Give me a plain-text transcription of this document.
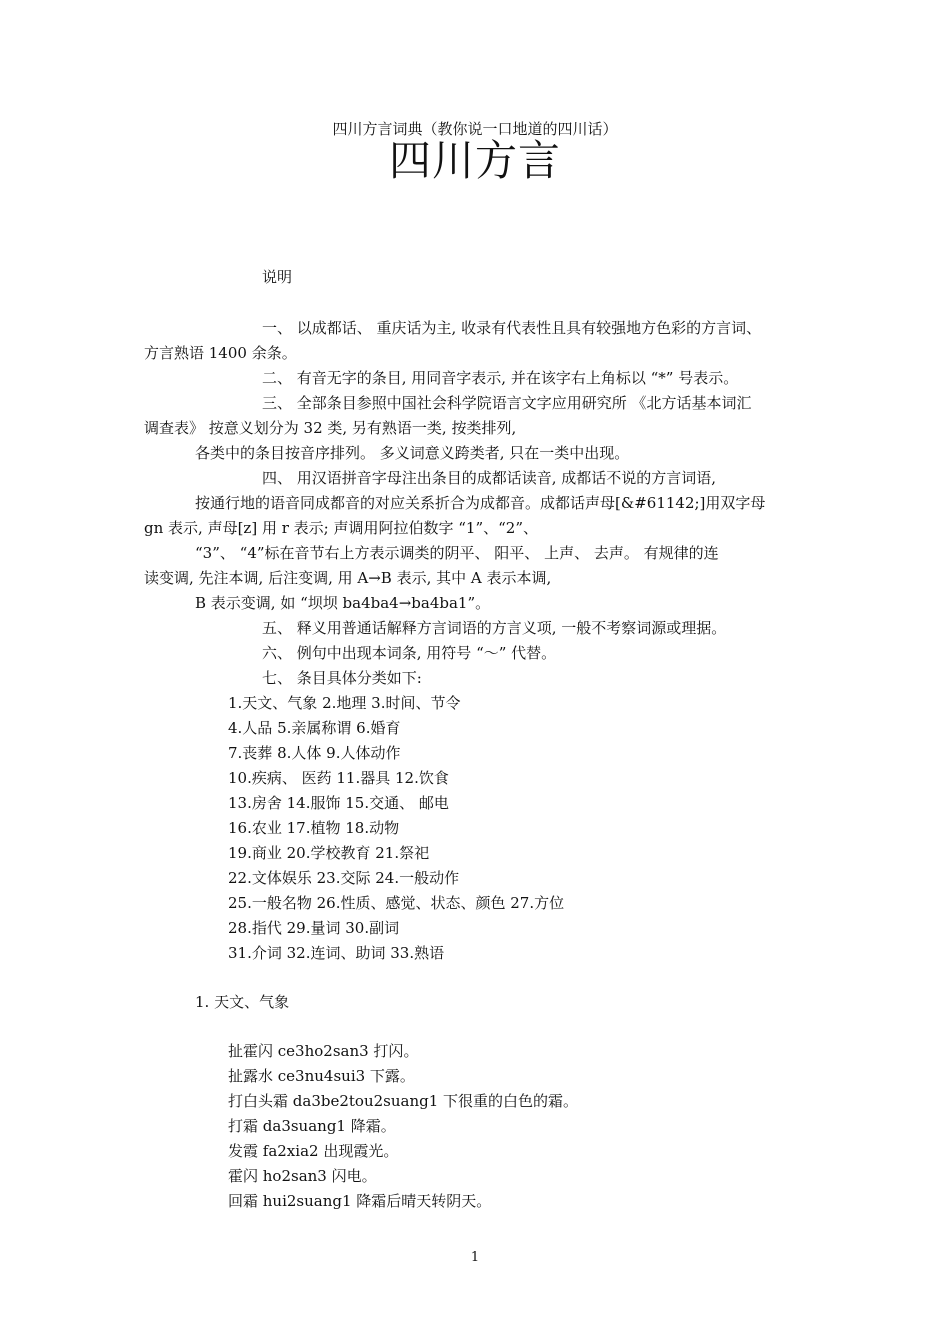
四川方言词典（教你说一口地道的四川话）
四川方言
说明
一、 以成都话、 重庆话为主, 收录有代表性且具有较强地方色彩的方言词、
方言熟语 1400 余条。
二、 有音无字的条目, 用同音字表示, 并在该字右上角标以 “*” 号表示。
三、 全部条目参照中国社会科学院语言文字应用研究所 《北方话基本词汇
调查表》 按意义划分为 32 类, 另有熟语一类, 按类排列,
各类中的条目按音序排列。 多义词意义跨类者, 只在一类中出现。
四、 用汉语拼音字母注出条目的成都话读音, 成都话不说的方言词语,
按通行地的语音同成都音的对应关系折合为成都音。成都话声母[&#61142;]用双字母
gn 表示, 声母[z] 用 r 表示; 声调用阿拉伯数字 “1”、“2”、
“3”、 “4”标在音节右上方表示调类的阴平、 阳平、 上声、 去声。 有规律的连
读变调, 先注本调, 后注变调, 用 A→B 表示, 其中 A 表示本调,
B 表示变调, 如 “坝坝 ba4ba4→ba4ba1”。
五、 释义用普通话解释方言词语的方言义项, 一般不考察词源或理据。
六、 例句中出现本词条, 用符号 “～” 代替。
七、 条目具体分类如下:
1.天文、气象 2.地理 3.时间、节令
4.人品 5.亲属称谓 6.婚育
7.丧葬 8.人体 9.人体动作
10.疾病、 医药 11.器具 12.饮食
13.房舍 14.服饰 15.交通、 邮电
16.农业 17.植物 18.动物
19.商业 20.学校教育 21.祭祀
22.文体娱乐 23.交际 24.一般动作
25.一般名物 26.性质、感觉、状态、颜色 27.方位
28.指代 29.量词 30.副词
31.介词 32.连词、助词 33.熟语
1. 天文、气象
扯霍闪 ce3ho2san3 打闪。
扯露水 ce3nu4sui3 下露。
打白头霜 da3be2tou2suang1 下很重的白色的霜。
打霜 da3suang1 降霜。
发霞 fa2xia2 出现霞光。
霍闪 ho2san3 闪电。
回霜 hui2suang1 降霜后晴天转阴天。
1
